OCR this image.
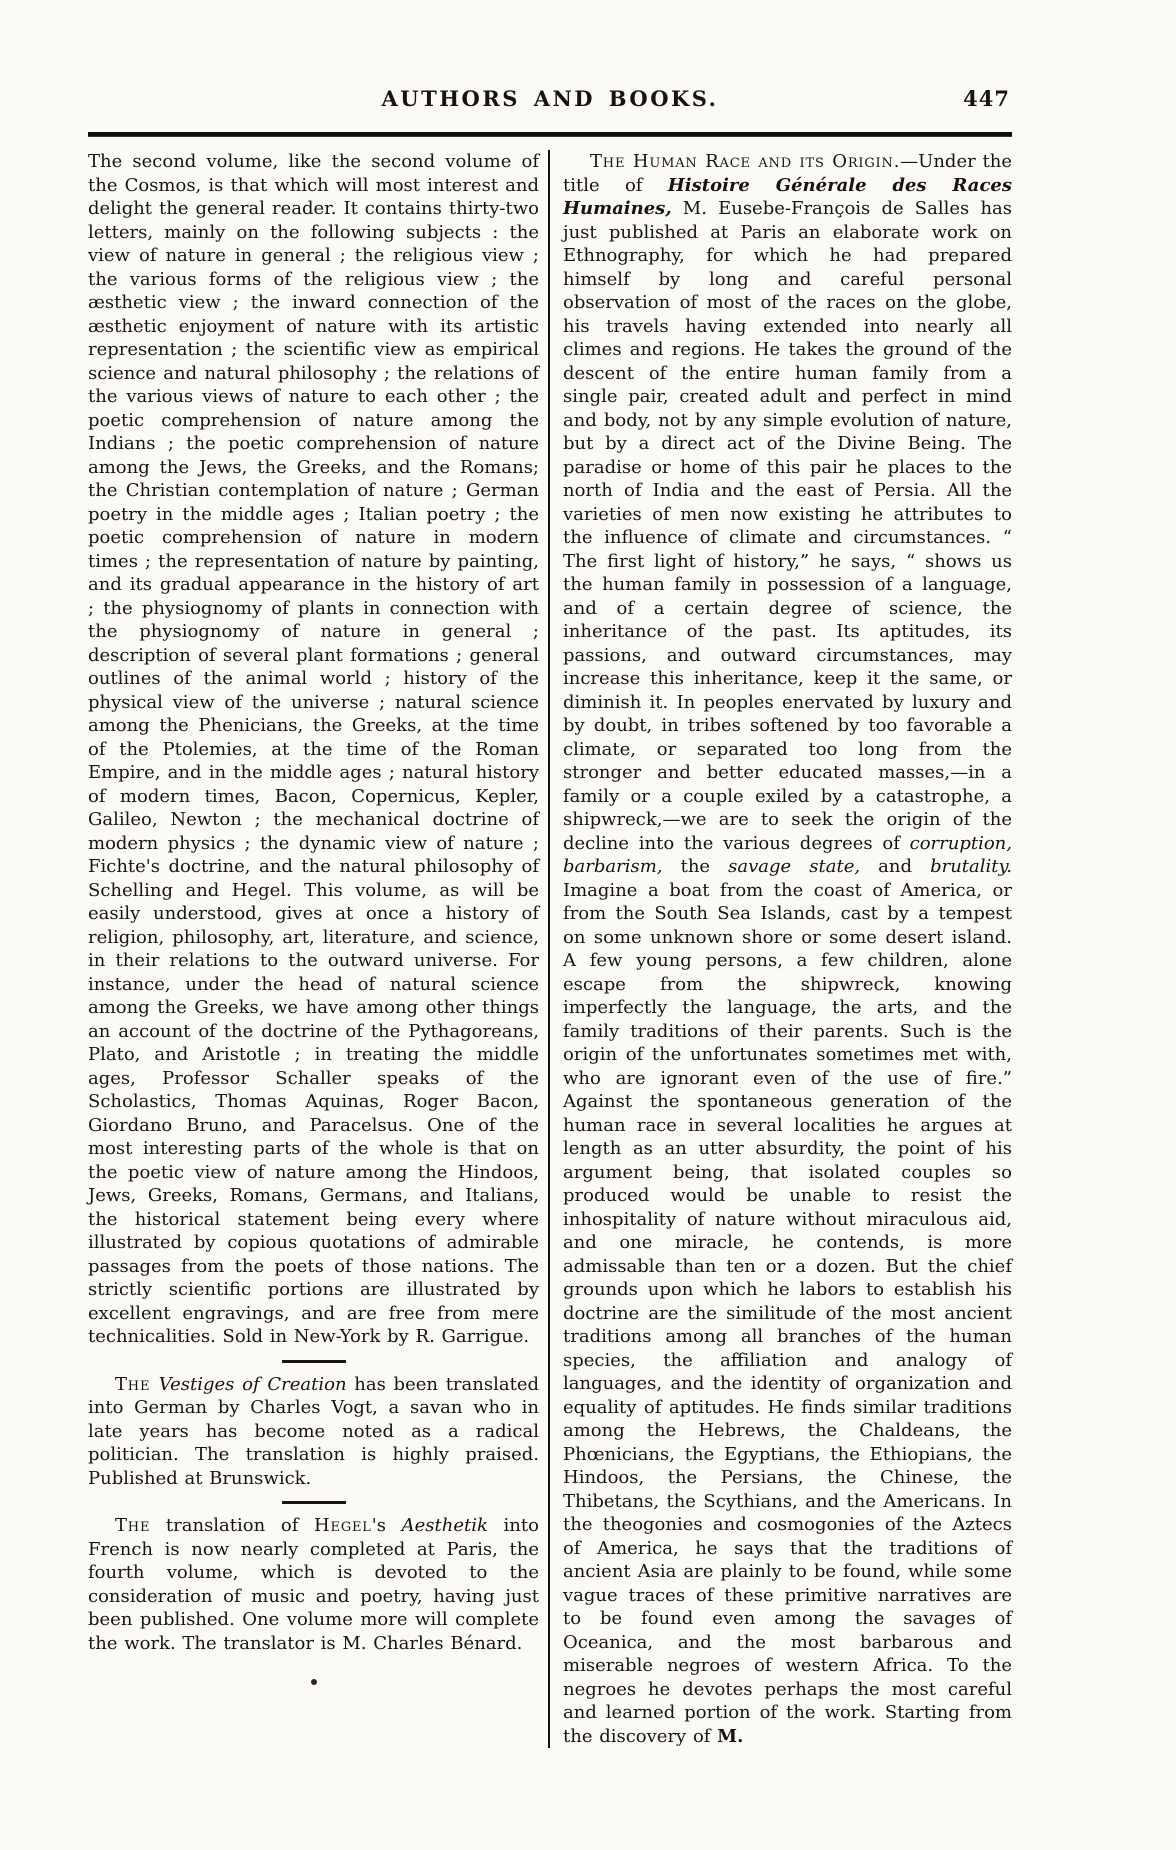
AUTHORS AND BOOKS.	447

The second volume, like the second volume of the Cosmos, is that which will most interest and delight the general reader. It contains thirty-two letters, mainly on the following subjects : the view of nature in general ; the religious view ; the various forms of the religious view ; the æsthetic view ; the inward connection of the æsthetic enjoyment of nature with its artistic representation ; the scientific view as empirical science and natural philosophy ; the relations of the various views of nature to each other ; the poetic comprehension of nature among the Indians ; the poetic comprehension of nature among the Jews, the Greeks, and the Romans; the Christian contemplation of nature ; German poetry in the middle ages ; Italian poetry ; the poetic comprehension of nature in modern times ; the representation of nature by painting, and its gradual appearance in the history of art ; the physiognomy of plants in connection with the physiognomy of nature in general ; description of several plant formations ; general outlines of the animal world ; history of the physical view of the universe ; natural science among the Phenicians, the Greeks, at the time of the Ptolemies, at the time of the Roman Empire, and in the middle ages ; natural history of modern times, Bacon, Copernicus, Kepler, Galileo, Newton ; the mechanical doctrine of modern physics ; the dynamic view of nature ; Fichte's doctrine, and the natural philosophy of Schelling and Hegel. This volume, as will be easily understood, gives at once a history of religion, philosophy, art, literature, and science, in their relations to the outward universe. For instance, under the head of natural science among the Greeks, we have among other things an account of the doctrine of the Pythagoreans, Plato, and Aristotle ; in treating the middle ages, Professor Schaller speaks of the Scholastics, Thomas Aquinas, Roger Bacon, Giordano Bruno, and Paracelsus. One of the most interesting parts of the whole is that on the poetic view of nature among the Hindoos, Jews, Greeks, Romans, Germans, and Italians, the historical statement being every where illustrated by copious quotations of admirable passages from the poets of those nations. The strictly scientific portions are illustrated by excellent engravings, and are free from mere technicalities. Sold in New-York by R. Garrigue.

The Vestiges of Creation has been translated into German by Charles Vogt, a savan who in late years has become noted as a radical politician. The translation is highly praised. Published at Brunswick.

The translation of Hegel's Aesthetik into French is now nearly completed at Paris, the fourth volume, which is devoted to the consideration of music and poetry, having just been published. One volume more will complete the work. The translator is M. Charles Bénard.

The Human Race and its Origin.—Under the title of Histoire Générale des Races Humaines, M. Eusebe-François de Salles has just published at Paris an elaborate work on Ethnography, for which he had prepared himself by long and careful personal observation of most of the races on the globe, his travels having extended into nearly all climes and regions. He takes the ground of the descent of the entire human family from a single pair, created adult and perfect in mind and body, not by any simple evolution of nature, but by a direct act of the Divine Being. The paradise or home of this pair he places to the north of India and the east of Persia. All the varieties of men now existing he attributes to the influence of climate and circumstances. “ The first light of history,” he says, “ shows us the human family in possession of a language, and of a certain degree of science, the inheritance of the past. Its aptitudes, its passions, and outward circumstances, may increase this inheritance, keep it the same, or diminish it. In peoples enervated by luxury and by doubt, in tribes softened by too favorable a climate, or separated too long from the stronger and better educated masses,—in a family or a couple exiled by a catastrophe, a shipwreck,—we are to seek the origin of the decline into the various degrees of corruption, barbarism, the savage state, and brutality. Imagine a boat from the coast of America, or from the South Sea Islands, cast by a tempest on some unknown shore or some desert island. A few young persons, a few children, alone escape from the shipwreck, knowing imperfectly the language, the arts, and the family traditions of their parents. Such is the origin of the unfortunates sometimes met with, who are ignorant even of the use of fire.” Against the spontaneous generation of the human race in several localities he argues at length as an utter absurdity, the point of his argument being, that isolated couples so produced would be unable to resist the inhospitality of nature without miraculous aid, and one miracle, he contends, is more admissable than ten or a dozen. But the chief grounds upon which he labors to establish his doctrine are the similitude of the most ancient traditions among all branches of the human species, the affiliation and analogy of languages, and the identity of organization and equality of aptitudes. He finds similar traditions among the Hebrews, the Chaldeans, the Phœnicians, the Egyptians, the Ethiopians, the Hindoos, the Persians, the Chinese, the Thibetans, the Scythians, and the Americans. In the theogonies and cosmogonies of the Aztecs of America, he says that the traditions of ancient Asia are plainly to be found, while some vague traces of these primitive narratives are to be found even among the savages of Oceanica, and the most barbarous and miserable negroes of western Africa. To the negroes he devotes perhaps the most careful and learned portion of the work. Starting from the discovery of M.
